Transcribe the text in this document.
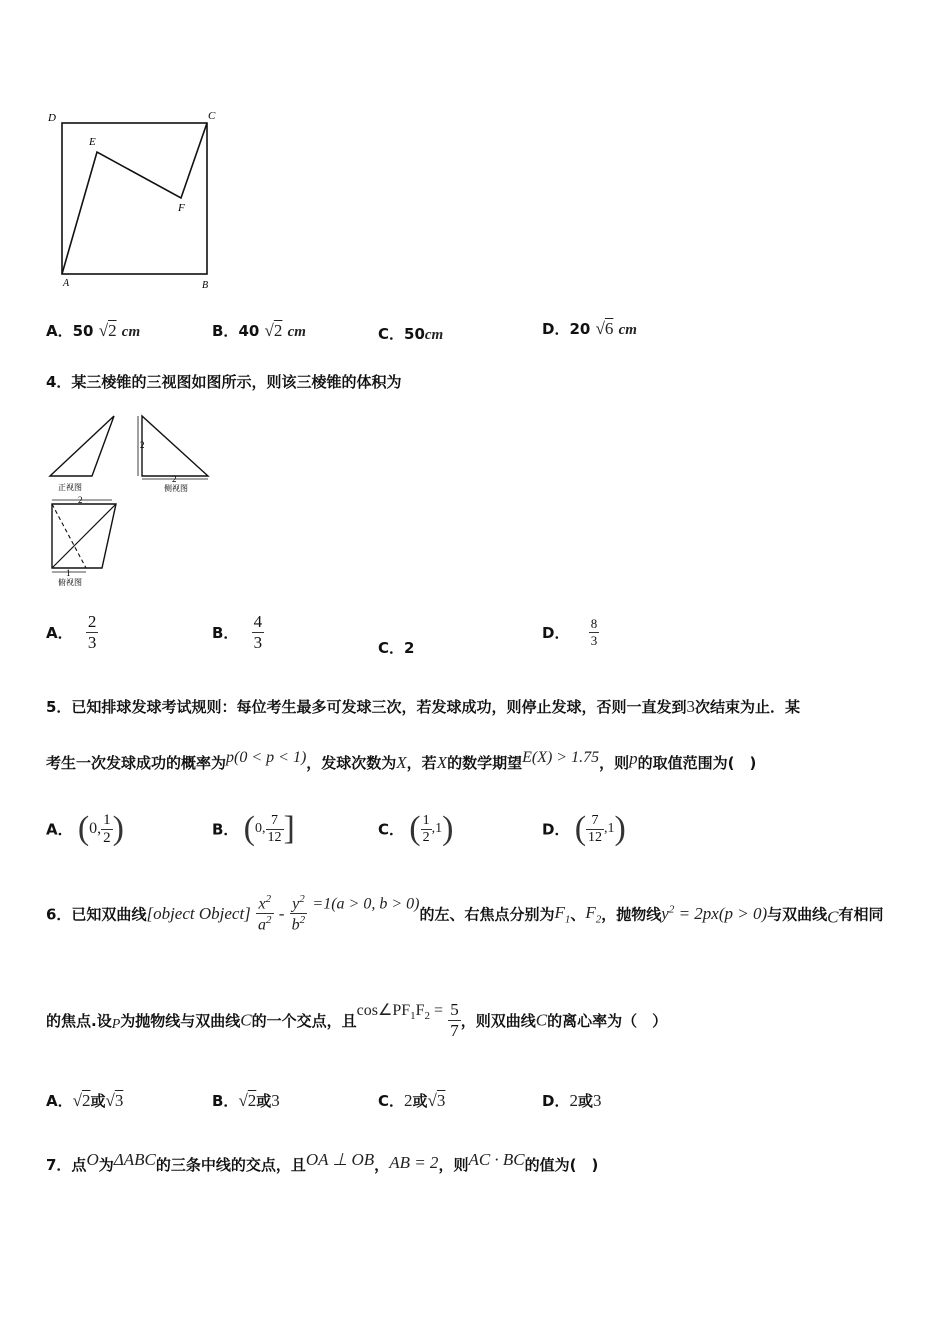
D	C
E
F
A	B
A．50 √2 cm	B．40 √2 cm	C．50cm	D．20 √6 cm
4．某三棱锥的三视图如图所示，则该三棱锥的体积为
正视图
2
2
侧视图
2
1
俯视图
A． $\frac{2}{3}$	B． $\frac{4}{3}$	C．2
D． $\frac{8}{3}$
5．已知排球发球考试规则：每位考生最多可发球三次，若发球成功，则停止发球，否则一直发到3次结束为止．某
考生一次发球成功的概率为p(0 < p < 1)，发球次数为X，若X的数学期望E(X) > 1.75，则p的取值范围为(　)
A． (0, $\frac{1}{2}$ )	B． (0, $\frac{7}{12}$ ]	C． ( $\frac{1}{2} ,1$)	D． ( $\frac{7}{12} ,1$)
6．已知双曲线[object Object] $\frac{x^2}{a^2} - \frac{y^2}{b^2} =1(a > 0$, b > 0)的左、右焦点分别为$F_1$、$F_2$，抛物线$y^2 = 2px(p > 0)$与双曲线C有相同
的焦点.设P为抛物线与双曲线C的一个交点，且$\cos\angle PF_1F_2 = \frac{5}{7}$ ，则双曲线C的离心率为（　）
A．√2或√3	B．√2或3	C．2或√3	D．2或3
7．点O为ΔABC的三条中线的交点，且OA ⊥ OB，AB = 2，则AC · BC的值为(　)
